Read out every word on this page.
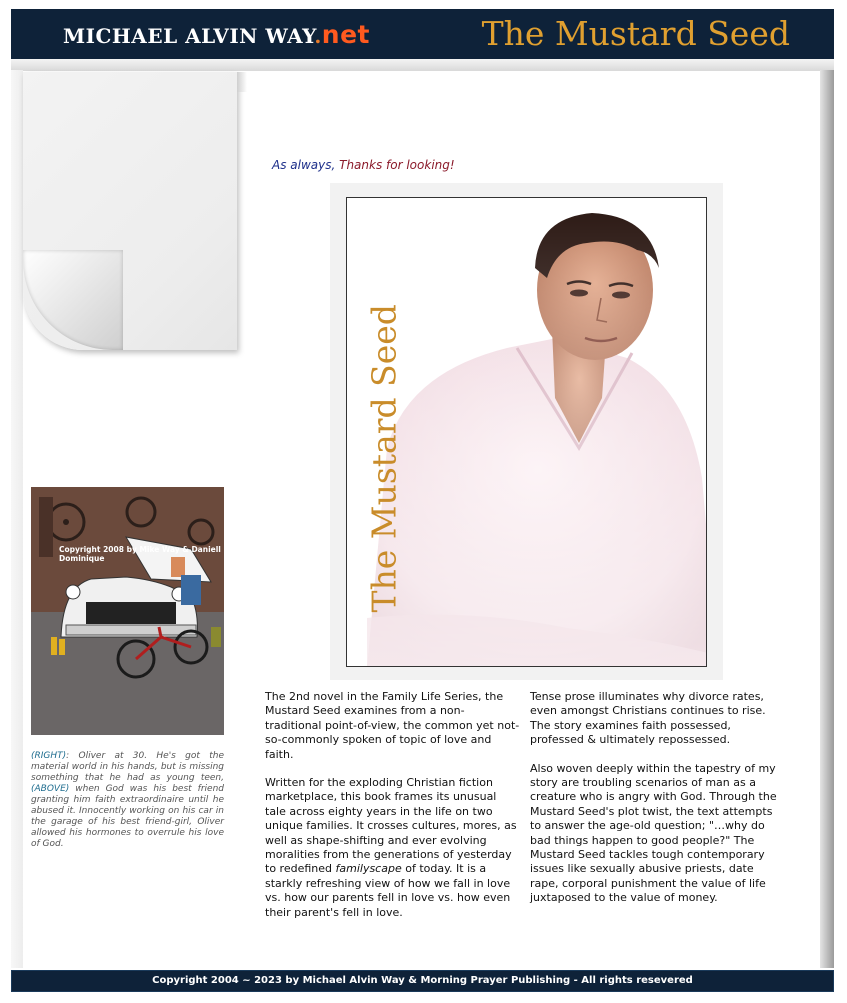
MICHAEL ALVIN WAY.net	The Mustard Seed
As always, Thanks for looking!
The Mustard Seed
Copyright 2008 by Mike Way & Daniell Dominique
(RIGHT): Oliver at 30. He's got the material world in his hands, but is missing something that he had as young teen, (ABOVE) when God was his best friend granting him faith extraordinaire until he abused it. Innocently working on his car in the garage of his best friend-girl, Oliver allowed his hormones to overrule his love of God.

The 2nd novel in the Family Life Series, the Mustard Seed examines from a non-traditional point-of-view, the common yet not-so-commonly spoken of topic of love and faith.

Written for the exploding Christian fiction marketplace, this book frames its unusual tale across eighty years in the life on two unique families. It crosses cultures, mores, as well as shape-shifting and ever evolving moralities from the generations of yesterday to redefined familyscape of today. It is a starkly refreshing view of how we fall in love vs. how our parents fell in love vs. how even their parent's fell in love.

Tense prose illuminates why divorce rates, even amongst Christians continues to rise. The story examines faith possessed, professed & ultimately repossessed.

Also woven deeply within the tapestry of my story are troubling scenarios of man as a creature who is angry with God. Through the Mustard Seed's plot twist, the text attempts to answer the age-old question; "…why do bad things happen to good people?" The Mustard Seed tackles tough contemporary issues like sexually abusive priests, date rape, corporal punishment the value of life juxtaposed to the value of money.

Copyright 2004 ~ 2023 by Michael Alvin Way & Morning Prayer Publishing - All rights resevered
